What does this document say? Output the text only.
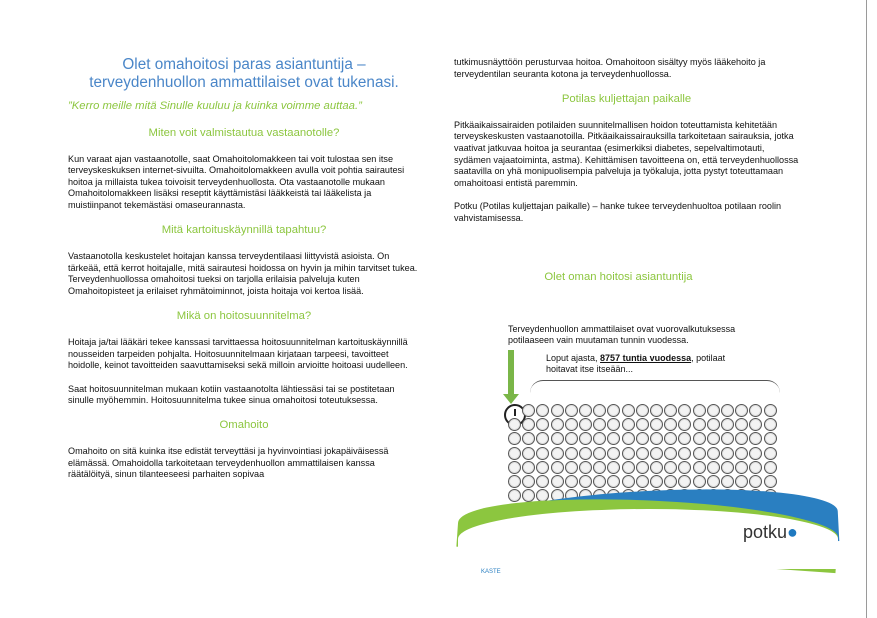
Olet omahoitosi paras asiantuntija – terveydenhuollon ammattilaiset ovat tukenasi.
”Kerro meille mitä Sinulle kuuluu ja kuinka voimme auttaa.”
Miten voit valmistautua vastaanotolle?

Kun varaat ajan vastaanotolle, saat Omahoitolomakkeen tai voit tulostaa sen itse terveyskeskuksen internet-sivuilta. Omahoitolomakkeen avulla voit pohtia sairautesi hoitoa ja millaista tukea toivoisit terveydenhuollosta. Ota vastaanotolle mukaan Omahoitolomakkeen lisäksi reseptit käyttämistäsi lääkkeistä tai lääkelista ja muistiinpanot tekemästäsi omaseurannasta.

Mitä kartoituskäynnillä tapahtuu?

Vastaanotolla keskustelet hoitajan kanssa terveydentilaasi liittyvistä asioista. On tärkeää, että kerrot hoitajalle, mitä sairautesi hoidossa on hyvin ja mihin tarvitset tukea. Terveydenhuollossa omahoitosi tueksi on tarjolla erilaisia palveluja kuten Omahoitopisteet ja erilaiset ryhmätoiminnot, joista hoitaja voi kertoa lisää.

Mikä on hoitosuunnitelma?

Hoitaja ja/tai lääkäri tekee kanssasi tarvittaessa hoitosuunnitelman kartoituskäynnillä nousseiden tarpeiden pohjalta. Hoitosuunnitelmaan kirjataan tarpeesi, tavoitteet hoidolle, keinot tavoitteiden saavuttamiseksi sekä milloin arvioitte hoitoasi uudelleen.

Saat hoitosuunnitelman mukaan kotiin vastaanotolta lähtiessäsi tai se postitetaan sinulle myöhemmin. Hoitosuunnitelma tukee sinua omahoitosi toteutuksessa.

Omahoito

Omahoito on sitä kuinka itse edistät terveyttäsi ja hyvinvointiasi jokapäiväisessä elämässä. Omahoidolla tarkoitetaan terveydenhuollon ammattilaisen kanssa räätälöityä, sinun tilanteeseesi parhaiten sopivaa

tutkimusnäyttöön perusturvaa hoitoa. Omahoitoon sisältyy myös lääkehoito ja terveydentilan seuranta kotona ja terveydenhuollossa.

Potilas kuljettajan paikalle

Pitkäaikaissairaiden potilaiden suunnitelmallisen hoidon toteuttamista kehitetään terveyskeskusten vastaanotoilla. Pitkäaikaissairauksilla tarkoitetaan sairauksia, jotka vaativat jatkuvaa hoitoa ja seurantaa (esimerkiksi diabetes, sepelvaltimotauti, sydämen vajaatoiminta, astma). Kehittämisen tavoitteena on, että terveydenhuollossa saatavilla on yhä monipuolisempia palveluja ja työkaluja, jotta pystyt toteuttamaan omahoitoasi entistä paremmin.

Potku (Potilas kuljettajan paikalle) – hanke tukee terveydenhuoltoa potilaan roolin vahvistamisessa.

Olet oman hoitosi asiantuntija
Terveydenhuollon ammattilaiset ovat vuorovalkutuksessa potilaaseen vain muutaman tunnin vuodessa.
Loput ajasta, 8757 tuntia vuodessa, potilaat hoitavat itse itseään...
potku●
KASTE
